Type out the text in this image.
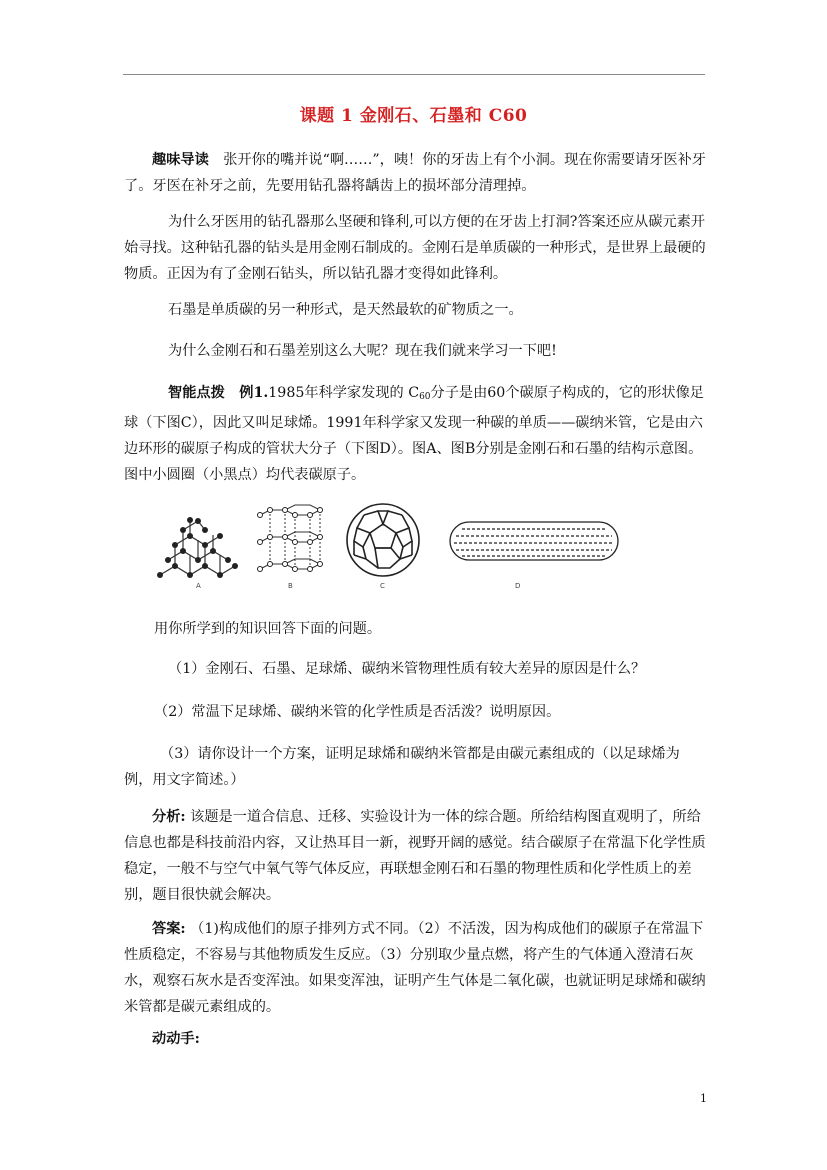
课题 1 金刚石、石墨和 C60

趣味导读 张开你的嘴并说“啊……”，咦！你的牙齿上有个小洞。现在你需要请牙医补牙了。牙医在补牙之前，先要用钻孔器将龋齿上的损坏部分清理掉。

为什么牙医用的钻孔器那么坚硬和锋利,可以方便的在牙齿上打洞?答案还应从碳元素开始寻找。这种钻孔器的钻头是用金刚石制成的。金刚石是单质碳的一种形式，是世界上最硬的物质。正因为有了金刚石钻头，所以钻孔器才变得如此锋利。

石墨是单质碳的另一种形式，是天然最软的矿物质之一。

为什么金刚石和石墨差别这么大呢？现在我们就来学习一下吧!

智能点拨 例1.1985年科学家发现的 $C_{60}$分子是由60个碳原子构成的，它的形状像足球（下图C），因此又叫足球烯。1991年科学家又发现一种碳的单质——碳纳米管，它是由六边环形的碳原子构成的管状大分子（下图D）。图A、图B分别是金刚石和石墨的结构示意图。图中小圆圈（小黑点）均代表碳原子。

A	B	C	D

用你所学到的知识回答下面的问题。

（1）金刚石、石墨、足球烯、碳纳米管物理性质有较大差异的原因是什么？

（2）常温下足球烯、碳纳米管的化学性质是否活泼？说明原因。

（3）请你设计一个方案，证明足球烯和碳纳米管都是由碳元素组成的（以足球烯为例，用文字简述。）

分析: 该题是一道合信息、迁移、实验设计为一体的综合题。所给结构图直观明了，所给信息也都是科技前沿内容，又让热耳目一新，视野开阔的感觉。结合碳原子在常温下化学性质稳定，一般不与空气中氧气等气体反应，再联想金刚石和石墨的物理性质和化学性质上的差别，题目很快就会解决。

答案: （1)构成他们的原子排列方式不同。（2）不活泼，因为构成他们的碳原子在常温下性质稳定，不容易与其他物质发生反应。（3）分别取少量点燃，将产生的气体通入澄清石灰水，观察石灰水是否变浑浊。如果变浑浊，证明产生气体是二氧化碳，也就证明足球烯和碳纳米管都是碳元素组成的。

动动手:

1
